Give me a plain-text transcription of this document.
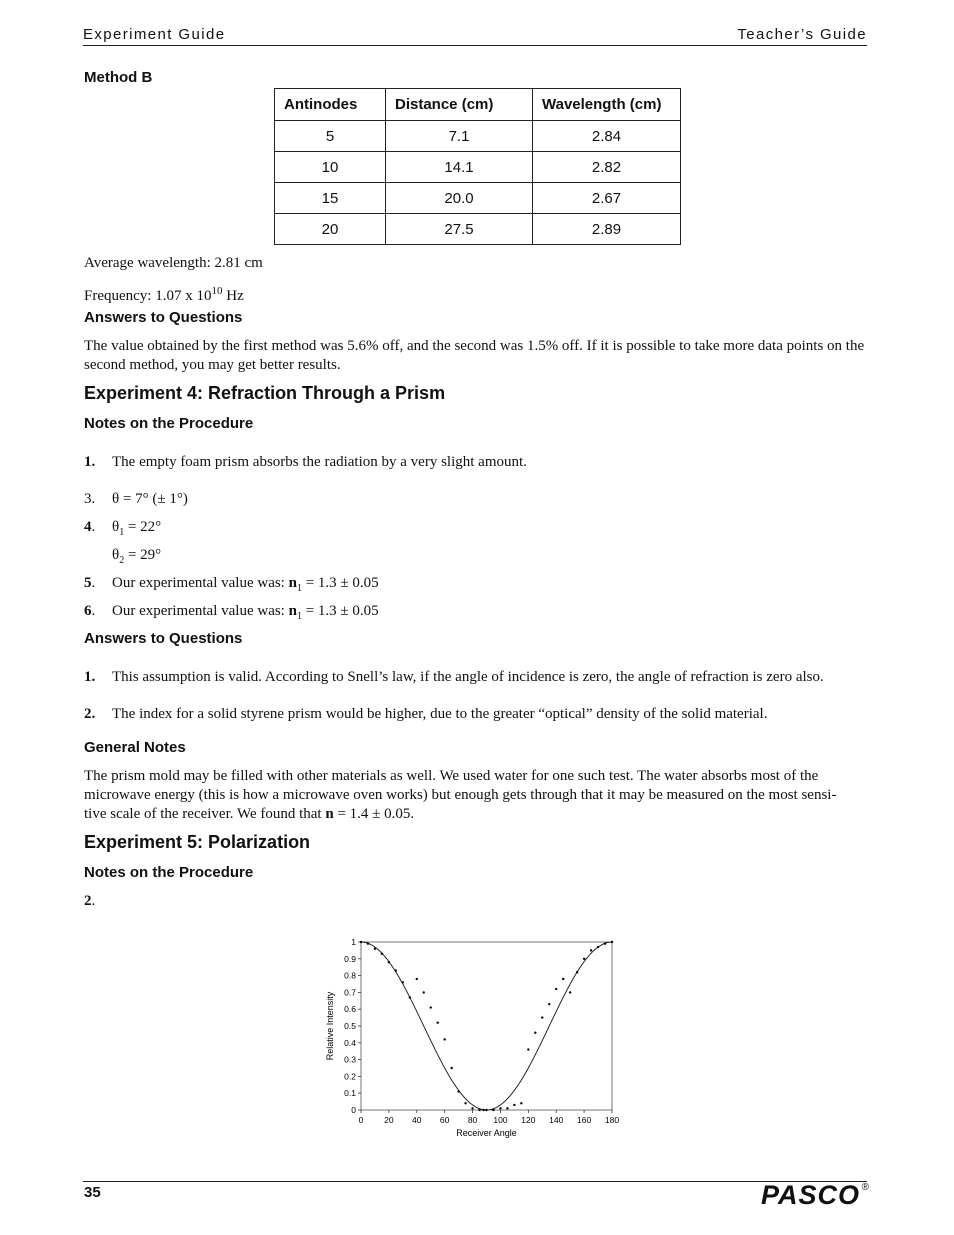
Experiment Guide	Teacher’s Guide
Method B
Antinodes	Distance (cm)	Wavelength (cm)
5	7.1	2.84
10	14.1	2.82
15	20.0	2.67
20	27.5	2.89
Average wavelength: 2.81 cm
Frequency: 1.07 x $10^{10}$ Hz
Answers to Questions
The value obtained by the first method was 5.6% off, and the second was 1.5% off. If it is possible to take more data points on the second method, you may get better results.
Experiment 4: Refraction Through a Prism
Notes on the Procedure
1. The empty foam prism absorbs the radiation by a very slight amount.
3. θ = 7° (± 1°)
4. $\theta_1 = 22^\circ$
$\theta_2 = 29^\circ$
5. Our experimental value was: $n_1 = 1.3 \pm 0.05$
6. Our experimental value was: $n_1 = 1.3 \pm 0.05$
Answers to Questions
1. This assumption is valid. According to Snell’s law, if the angle of incidence is zero, the angle of refraction is zero also.
2. The index for a solid styrene prism would be higher, due to the greater “optical” density of the solid material.
General Notes
The prism mold may be filled with other materials as well. We used water for one such test. The water absorbs most of the
microwave energy (this is how a microwave oven works) but enough gets through that it may be measured on the most sensi-
tive scale of the receiver. We found that n = 1.4 ± 0.05.
Experiment 5: Polarization
Notes on the Procedure
2.
0 20 40 60 80 100 120 140 160 180
0
0.1
0.2
0.3
0.4
0.5
0.6
0.7
0.8
0.9
1
Receiver Angle
Relative Intensity
35	PASCO ®
